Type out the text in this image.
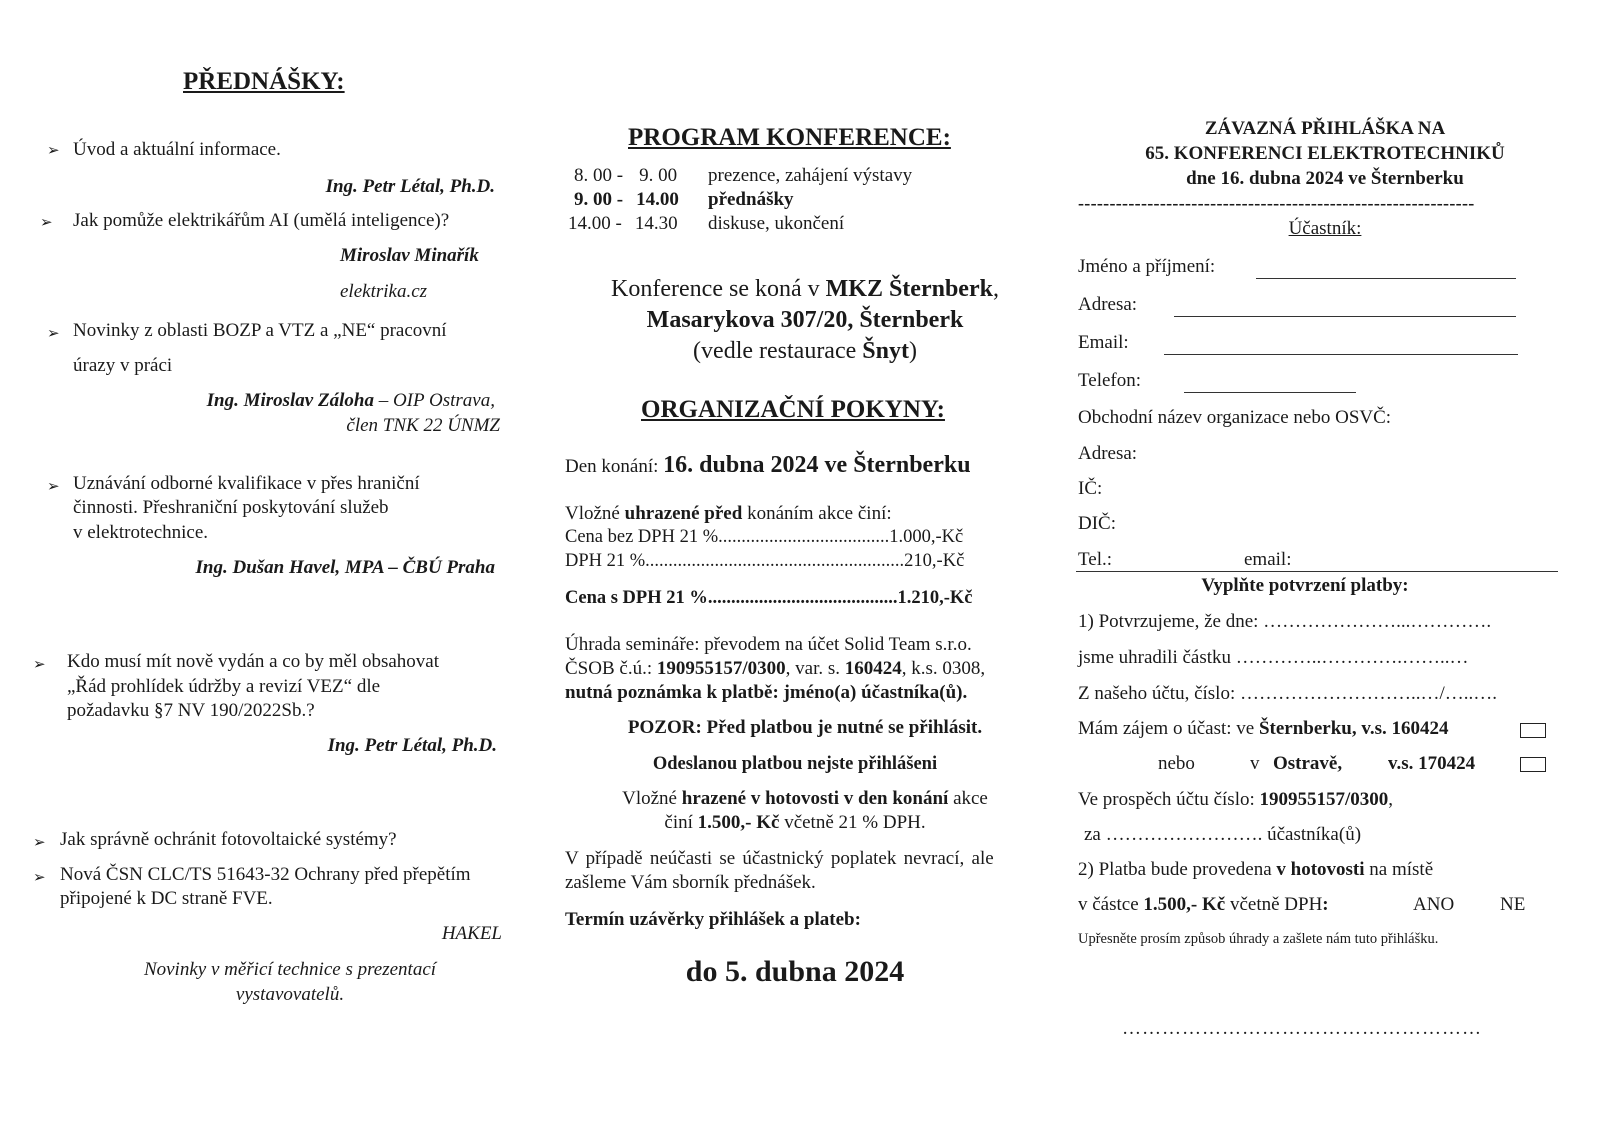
PŘEDNÁŠKY:
➢ Úvod a aktuální informace.
Ing. Petr Létal, Ph.D.
➢ Jak pomůže elektrikářům AI (umělá inteligence)?
Miroslav Minařík
elektrika.cz
➢ Novinky z oblasti BOZP a VTZ a „NE“ pracovní
úrazy v práci
Ing. Miroslav Záloha – OIP Ostrava,
člen TNK 22 ÚNMZ
➢ Uznávání odborné kvalifikace v přes hraniční
činnosti. Přeshraniční poskytování služeb
v elektrotechnice.
Ing. Dušan Havel, MPA – ČBÚ Praha
➢ Kdo musí mít nově vydán a co by měl obsahovat
„Řád prohlídek údržby a revizí VEZ“ dle
požadavku §7 NV 190/2022Sb.?
Ing. Petr Létal, Ph.D.
➢ Jak správně ochránit fotovoltaické systémy?
➢ Nová ČSN CLC/TS 51643-32 Ochrany před přepětím
připojené k DC straně FVE.
HAKEL
Novinky v měřicí technice s prezentací
vystavovatelů.
PROGRAM KONFERENCE:
8. 00 - 9. 00 prezence, zahájení výstavy
9. 00 - 14.00 přednášky
14.00 - 14.30 diskuse, ukončení
Konference se koná v MKZ Šternberk,
Masarykova 307/20, Šternberk
(vedle restaurace Šnyt)
ORGANIZAČNÍ POKYNY:
Den konání: 16. dubna 2024 ve Šternberku
Vložné uhrazené před konáním akce činí:
Cena bez DPH 21 %.....................................1.000,-Kč
DPH 21 %........................................................210,-Kč
Cena s DPH 21 %.........................................1.210,-Kč
Úhrada semináře: převodem na účet Solid Team s.r.o.
ČSOB č.ú.: 190955157/0300, var. s. 160424, k.s. 0308,
nutná poznámka k platbě: jméno(a) účastníka(ů).
POZOR: Před platbou je nutné se přihlásit.
Odeslanou platbou nejste přihlášeni
Vložné hrazené v hotovosti v den konání akce
činí 1.500,- Kč včetně 21 % DPH.
V případě neúčasti se účastnický poplatek nevrací, ale
zašleme Vám sborník přednášek.
Termín uzávěrky přihlášek a plateb:
do 5. dubna 2024
ZÁVAZNÁ PŘIHLÁŠKA NA
65. KONFERENCI ELEKTROTECHNIKŮ
dne 16. dubna 2024 ve Šternberku
---------------------------------------------------------------
Účastník:
Jméno a příjmení:
Adresa:
Email:
Telefon:
Obchodní název organizace nebo OSVČ:
Adresa:
IČ:
DIČ:
Tel.:	email:
Vyplňte potvrzení platby:
1) Potvrzujeme, že dne: …………………...………….
jsme uhradili částku …………..………….……..…
Z našeho účtu, číslo: ………………………..…/…..….
Mám zájem o účast: ve Šternberku, v.s. 160424
nebo	v Ostravě, v.s. 170424
Ve prospěch účtu číslo: 190955157/0300,
za ……………………. účastníka(ů)
2) Platba bude provedena v hotovosti na místě
v částce 1.500,- Kč včetně DPH:	ANO NE
Upřesněte prosím způsob úhrady a zašlete nám tuto přihlášku.
………………………………………………
